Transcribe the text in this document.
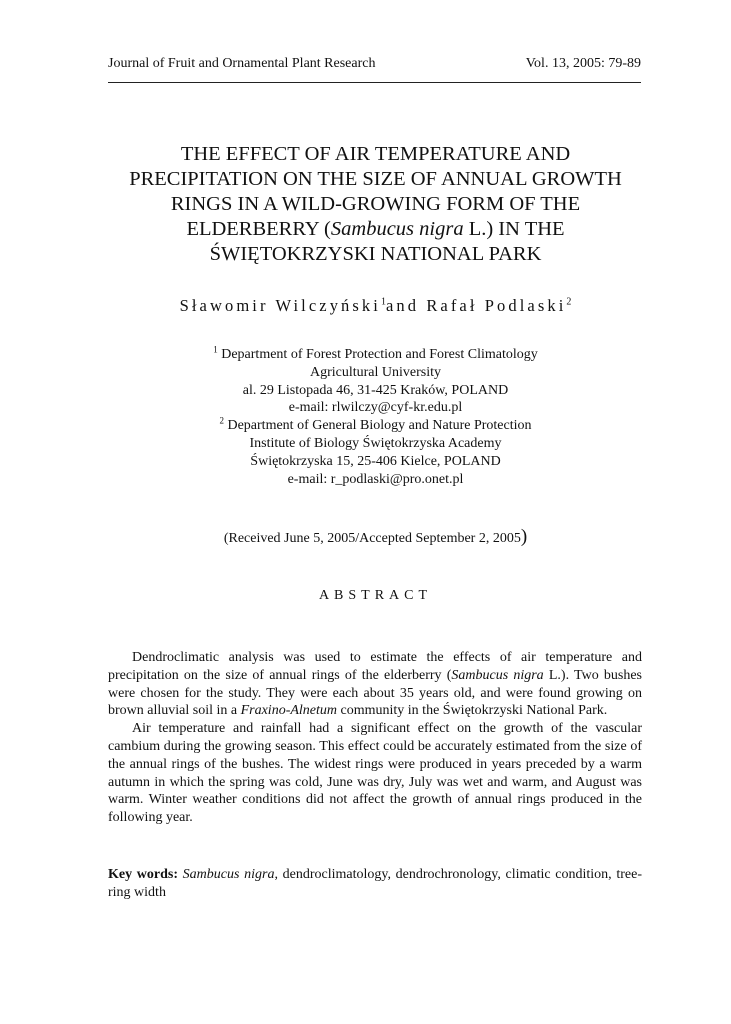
Journal of Fruit and Ornamental Plant Research	Vol. 13, 2005: 79-89
THE EFFECT OF AIR TEMPERATURE AND
PRECIPITATION ON THE SIZE OF ANNUAL GROWTH
RINGS IN A WILD-GROWING FORM OF THE
ELDERBERRY (Sambucus nigra L.) IN THE
ŚWIĘTOKRZYSKI NATIONAL PARK
Sławomir Wilczyński$^1$and Rafał Podlaski$^2$
$^1$ Department of Forest Protection and Forest Climatology
Agricultural University
al. 29 Listopada 46, 31-425 Kraków, POLAND
e-mail: rlwilczy@cyf-kr.edu.pl
$^2$ Department of General Biology and Nature Protection
Institute of Biology Świętokrzyska Academy
Świętokrzyska 15, 25-406 Kielce, POLAND
e-mail: r_podlaski@pro.onet.pl
(Received June 5, 2005/Accepted September 2, 2005)
ABSTRACT

Dendroclimatic analysis was used to estimate the effects of air temperature and precipitation on the size of annual rings of the elderberry (Sambucus nigra L.). Two bushes were chosen for the study. They were each about 35 years old, and were found growing on brown alluvial soil in a Fraxino-Alnetum community in the Świętokrzyski National Park.

Air temperature and rainfall had a significant effect on the growth of the vascular cambium during the growing season. This effect could be accurately estimated from the size of the annual rings of the bushes. The widest rings were produced in years preceded by a warm autumn in which the spring was cold, June was dry, July was wet and warm, and August was warm. Winter weather conditions did not affect the growth of annual rings produced in the following year.

Key words: Sambucus nigra, dendroclimatology, dendrochronology, climatic condition, tree-ring width
